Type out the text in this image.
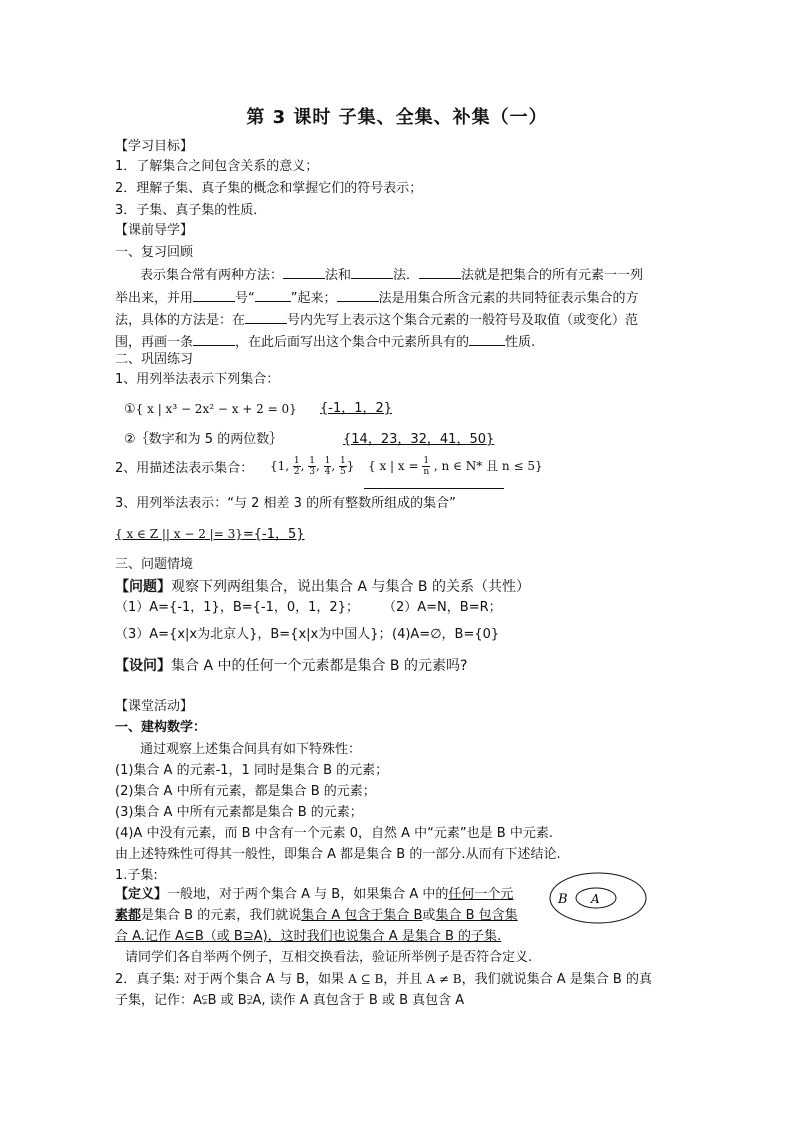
第 3 课时 子集、全集、补集（一）
【学习目标】
1．了解集合之间包含关系的意义；
2．理解子集、真子集的概念和掌握它们的符号表示；
3．子集、真子集的性质．
【课前导学】
一、复习回顾
表示集合常有两种方法：	法和	法．	法就是把集合的所有元素一一列
举出来，并用	号“	”起来；	法是用集合所含元素的共同特征表示集合的方
法，具体的方法是：在	号内先写上表示这个集合元素的一般符号及取值（或变化）范
围，再画一条	，在此后面写出这个集合中元素所具有的	性质.
二、巩固练习
1、用列举法表示下列集合：
①{ x | x³ − 2x² − x + 2 = 0} {-1，1，2}
②｛数字和为 5 的两位数｝	{14，23，32，41，50}
2、用描述法表示集合： {1, $\frac{1}{2}$ , $\frac{1}{3}$ , $\frac{1}{4}$ , $\frac{1}{5}$ } { x | $x = \frac{1}{n}$ , n ∈ N* 且 n ≤ 5}
3、用列举法表示：“与 2 相差 3 的所有整数所组成的集合”
{ x ∈ Z || x − 2 |= 3}={-1，5}
三、问题情境
【问题】观察下列两组集合，说出集合 A 与集合 B 的关系（共性）
（1）A={-1，1}，B={-1，0，1，2}； （2）A=N，B=R；
（3）A={x|x为北京人}，B={x|x为中国人}； (4)A=∅，B={0}
【设问】集合 A 中的任何一个元素都是集合 B 的元素吗?
【课堂活动】
一、建构数学：
通过观察上述集合间具有如下特殊性：
(1)集合 A 的元素-1，1 同时是集合 B 的元素；
(2)集合 A 中所有元素，都是集合 B 的元素；
(3)集合 A 中所有元素都是集合 B 的元素；
(4)A 中没有元素，而 B 中含有一个元素 0，自然 A 中“元素”也是 B 中元素.
由上述特殊性可得其一般性，即集合 A 都是集合 B 的一部分.从而有下述结论.
1.子集:
【定义】一般地，对于两个集合 A 与 B，如果集合 A 中的任何一个元
素都是集合 B 的元素，我们就说集合 A 包含于集合 B或集合 B 包含集
合 A.记作 A⊆B（或 B⊇A)，这时我们也说集合 A 是集合 B 的子集.
B A
请同学们各自举两个例子，互相交换看法，验证所举例子是否符合定义.
2．真子集: 对于两个集合 A 与 B，如果 A ⊆ B，并且 A ≠ B，我们就说集合 A 是集合 B 的真
子集，记作：A⫋B 或 B⫌A, 读作 A 真包含于 B 或 B 真包含 A
